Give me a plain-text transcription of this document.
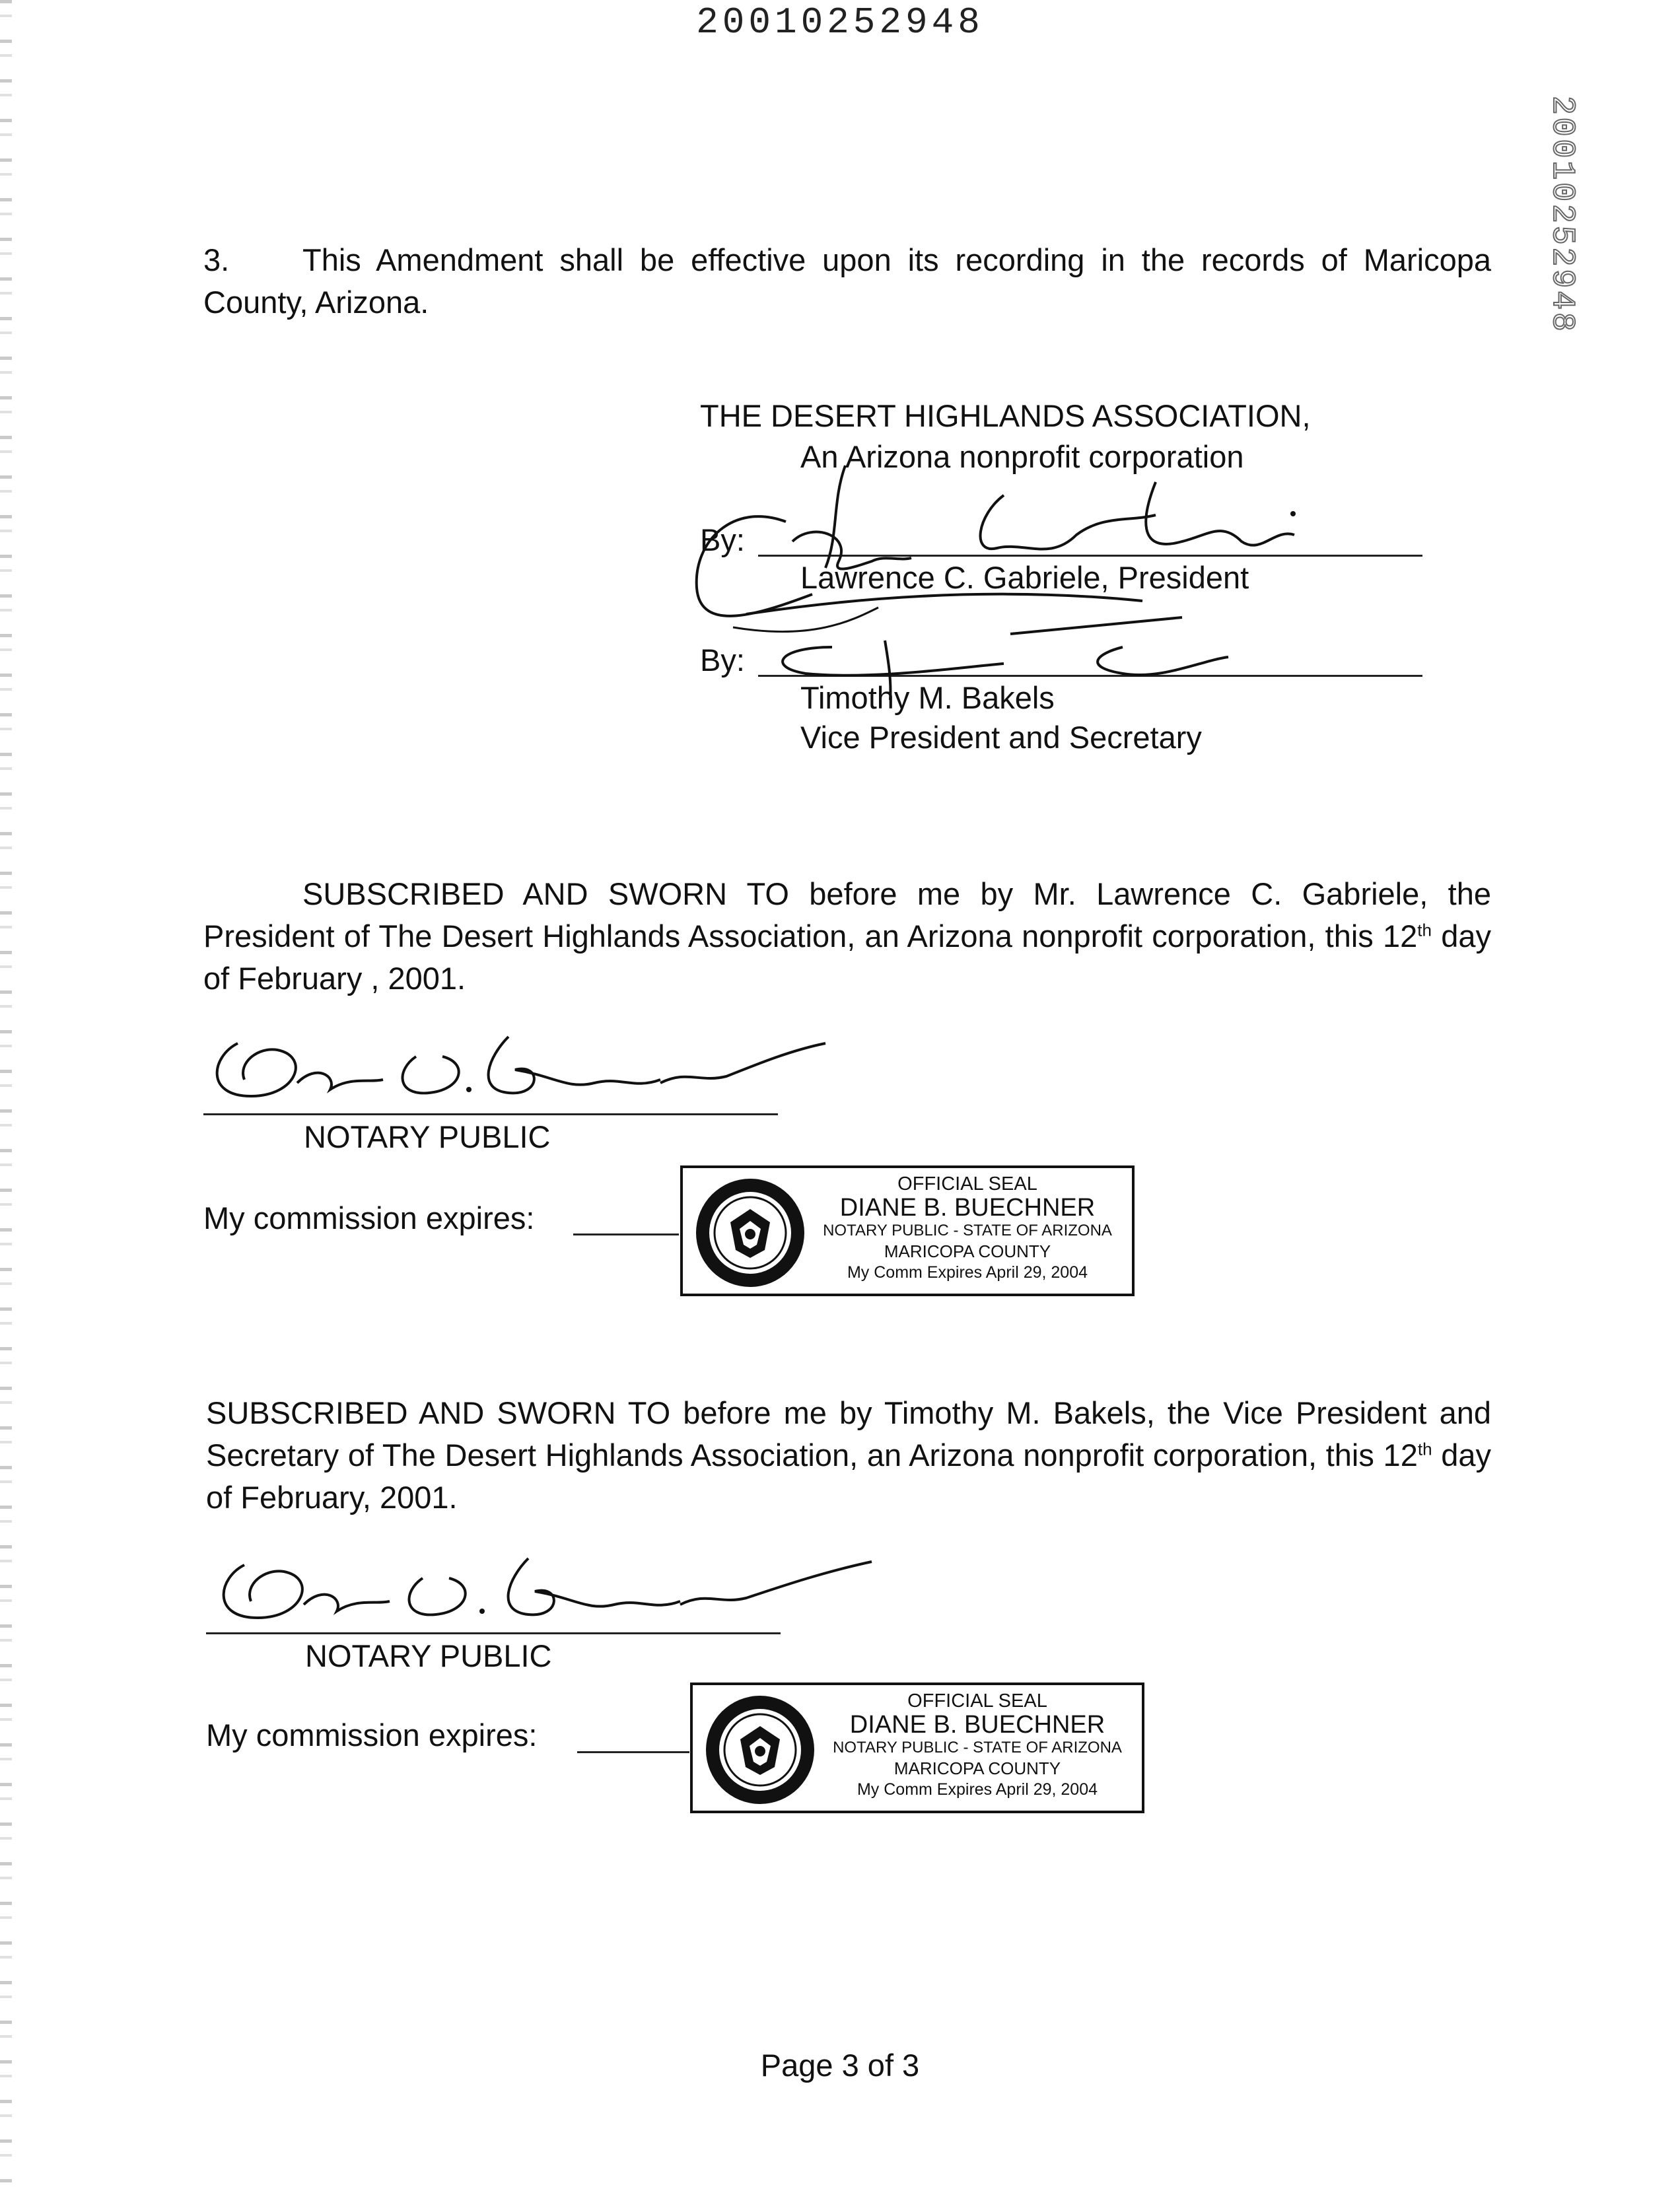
20010252948
20010252948
3. This Amendment shall be effective upon its recording in the records of Maricopa County, Arizona.
THE DESERT HIGHLANDS ASSOCIATION,
An Arizona nonprofit corporation
By:
Lawrence C. Gabriele, President
By:
Timothy M. Bakels
Vice President and Secretary
SUBSCRIBED AND SWORN TO before me by Mr. Lawrence C. Gabriele, the President of The Desert Highlands Association, an Arizona nonprofit corporation, this 12th day of February , 2001.
NOTARY PUBLIC
My commission expires:
OFFICIAL SEAL
DIANE B. BUECHNER
NOTARY PUBLIC - STATE OF ARIZONA
MARICOPA COUNTY
My Comm Expires April 29, 2004
SUBSCRIBED AND SWORN TO before me by Timothy M. Bakels, the Vice President and Secretary of The Desert Highlands Association, an Arizona nonprofit corporation, this 12th day of February, 2001.
NOTARY PUBLIC
My commission expires:
OFFICIAL SEAL
DIANE B. BUECHNER
NOTARY PUBLIC - STATE OF ARIZONA
MARICOPA COUNTY
My Comm Expires April 29, 2004
Page 3 of 3
